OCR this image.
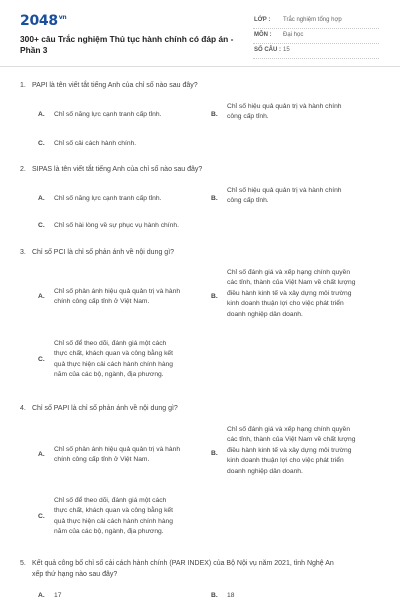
$2048^{vn}$
300+ câu Trắc nghiệm Thủ tục hành chính có đáp án -
Phần 3
LỚP : Trắc nghiệm tổng hợp
MÔN : Đại học
SỐ CÂU : 15
1. PAPI là tên viết tắt tiếng Anh của chỉ số nào sau đây?
A. Chỉ số năng lực cạnh tranh cấp tỉnh.	B.
Chỉ số hiệu quả quản trị và hành chính
công cấp tỉnh.
C. Chỉ số cải cách hành chính.
2. SIPAS là tên viết tắt tiếng Anh của chỉ số nào sau đây?
A. Chỉ số năng lực cạnh tranh cấp tỉnh.	B.
Chỉ số hiệu quả quản trị và hành chính
công cấp tỉnh.
C. Chỉ số hài lòng về sự phục vụ hành chính.
3. Chỉ số PCI là chỉ số phản ánh về nội dung gì?
A.
Chỉ số phản ánh hiệu quả quản trị và hành
chính công cấp tỉnh ở Việt Nam.
B.
Chỉ số đánh giá và xếp hạng chính quyền
các tỉnh, thành của Việt Nam về chất lượng
điều hành kinh tế và xây dựng môi trường
kinh doanh thuận lợi cho việc phát triển
doanh nghiệp dân doanh.
C.
Chỉ số để theo dõi, đánh giá một cách
thực chất, khách quan và công bằng kết
quả thực hiện cải cách hành chính hàng
năm của các bộ, ngành, địa phương.
4. Chỉ số PAPI là chỉ số phản ánh về nội dung gì?
A.
Chỉ số phản ánh hiệu quả quản trị và hành
chính công cấp tỉnh ở Việt Nam.
B.
Chỉ số đánh giá và xếp hạng chính quyền
các tỉnh, thành của Việt Nam về chất lượng
điều hành kinh tế và xây dựng môi trường
kinh doanh thuận lợi cho việc phát triển
doanh nghiệp dân doanh.
C.
Chỉ số để theo dõi, đánh giá một cách
thực chất, khách quan và công bằng kết
quả thực hiện cải cách hành chính hàng
năm của các bộ, ngành, địa phương.
5. Kết quả công bố chỉ số cải cách hành chính (PAR INDEX) của Bộ Nội vụ năm 2021, tỉnh Nghệ An
xếp thứ hạng nào sau đây?
A. 17	B. 18
